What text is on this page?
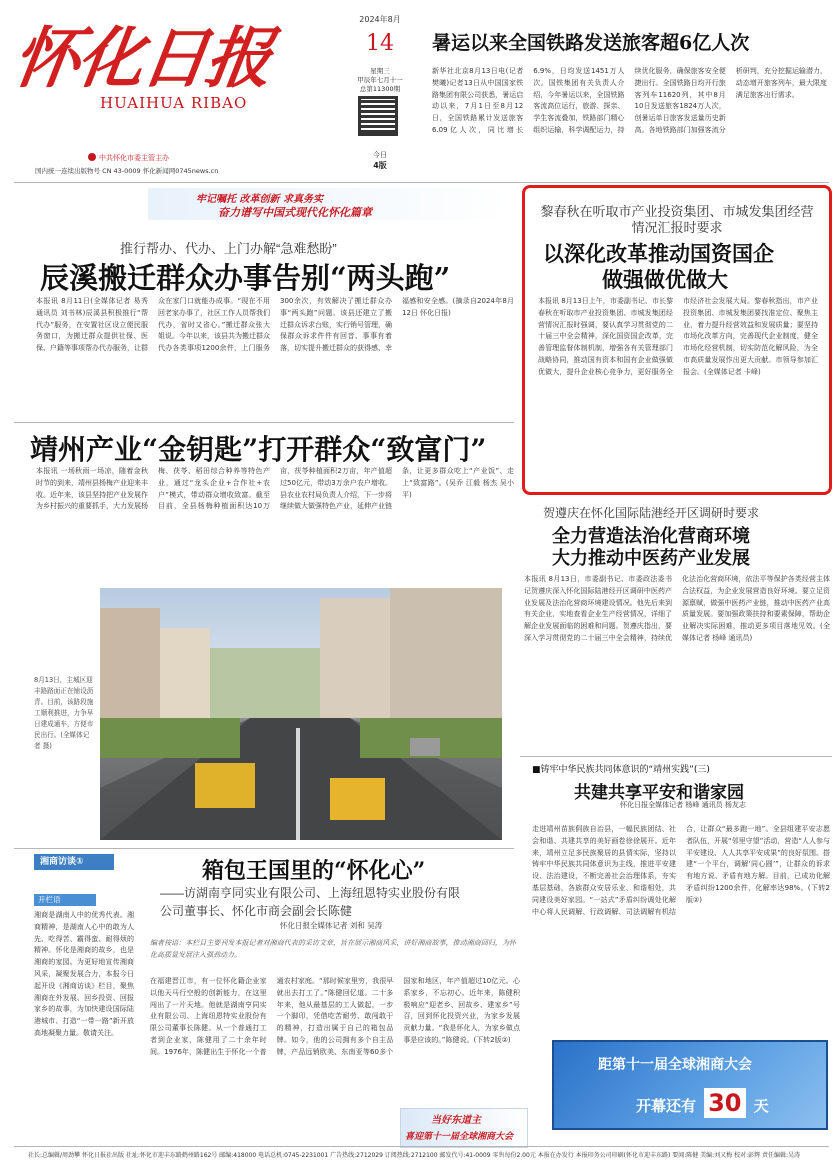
怀化日报
HUAIHUA RIBAO
中共怀化市委主管主办
国内统一连续出版物号 CN 43-0009 怀化新闻网0745news.cn
2024年8月
14
星期三
甲辰年七月十一
总第11300期
今日
4版
暑运以来全国铁路发送旅客超6亿人次
新华社北京8月13日电(记者 樊曦)记者13日从中国国家铁路集团有限公司获悉，暑运启动以来，7月1日至8月12日，全国铁路累计发送旅客6.09亿人次，同比增长6.9%，日均发送1451万人次。国铁集团有关负责人介绍，今年暑运以来，全国铁路客流高位运行，旅游、探亲、学生客流叠加，铁路部门精心组织运输，科学调配运力，持续优化服务，确保旅客安全便捷出行。全国铁路日均开行旅客列车11620列，其中8月10日发送旅客1824万人次，创暑运单日旅客发送量历史新高。各地铁路部门加强客流分析研判，充分挖掘运输潜力，动态增开旅客列车，最大限度满足旅客出行需求。
牢记嘱托 改革创新 求真务实
奋力谱写中国式现代化怀化篇章
推行帮办、代办、上门办解“急难愁盼”
辰溪搬迁群众办事告别“两头跑”
本报讯 8月11日(全媒体记者 易秀 通讯员 刘书林)辰溪县积极推行“帮代办”服务，在安置社区设立便民服务窗口，为搬迁群众提供社保、医保、户籍等事项帮办代办服务，让群众在家门口就能办成事。“现在不用回老家办事了，社区工作人员帮我们代办，省时又省心。”搬迁群众张大姐说。今年以来，该县共为搬迁群众代办各类事项1200余件，上门服务300余次，有效解决了搬迁群众办事“两头跑”问题。该县还建立了搬迁群众诉求台账，实行销号管理，确保群众诉求件件有回音、事事有着落，切实提升搬迁群众的获得感、幸福感和安全感。(摘录自2024年8月12日 怀化日报)
靖州产业“金钥匙”打开群众“致富门”
本报讯 一场秋雨一场凉，随着金秋时节的到来，靖州县杨梅产业迎来丰收。近年来，该县坚持把产业发展作为乡村振兴的重要抓手，大力发展杨梅、茯苓、稻田综合种养等特色产业，通过“龙头企业+合作社+农户”模式，带动群众增收致富。截至目前，全县杨梅种植面积达10万亩，茯苓种植面积2万亩，年产值超过50亿元，带动3万余户农户增收。县农业农村局负责人介绍，下一步将继续做大做强特色产业，延伸产业链条，让更多群众吃上“产业饭”、走上“致富路”。(吴乔 江毅 杨杰 吴小平)
8月13日，主城区迎丰路路面正在铺设沥青。目前，该路段施工顺利推进，力争早日建成通车，方便市民出行。(全媒体记者 摄)
黎春秋在听取市产业投资集团、市城发集团经营情况汇报时要求
以深化改革推动国资国企
做强做优做大
本报讯 8月13日上午，市委副书记、市长黎春秋在听取市产业投资集团、市城发集团经营情况汇报时强调，要认真学习贯彻党的二十届三中全会精神，深化国资国企改革，完善管理监督体制机制，增强各有关管理部门战略协同，推动国有资本和国有企业做强做优做大，提升企业核心竞争力，更好服务全市经济社会发展大局。黎春秋指出，市产业投资集团、市城发集团要找准定位、聚焦主业，着力提升经营效益和发展质量；要坚持市场化改革方向，完善现代企业制度，健全市场化经营机制，切实防范化解风险，为全市高质量发展作出更大贡献。市领导参加汇报会。(全媒体记者 卡峰)
贺遵庆在怀化国际陆港经开区调研时要求
全力营造法治化营商环境
大力推动中医药产业发展
本报讯 8月13日，市委副书记、市委政法委书记贺遵庆深入怀化国际陆港经开区调研中医药产业发展及法治化营商环境建设情况。他先后来到有关企业，实地查看企业生产经营情况，详细了解企业发展面临的困难和问题。贺遵庆指出，要深入学习贯彻党的二十届三中全会精神，持续优化法治化营商环境，依法平等保护各类经营主体合法权益，为企业发展营造良好环境。要立足资源禀赋，做强中医药产业链，推动中医药产业高质量发展。要加强政策扶持和要素保障，帮助企业解决实际困难，推动更多项目落地见效。(全媒体记者 杨峰 通讯员)
■铸牢中华民族共同体意识的“靖州实践”(三)
共建共享平安和谐家园
怀化日报全媒体记者 杨峰 通讯员 杨友志
走进靖州苗族侗族自治县，一幅民族团结、社会和谐、共建共享的美好画卷徐徐展开。近年来，靖州立足多民族聚居的县情实际，坚持以铸牢中华民族共同体意识为主线，推进平安建设、法治建设，不断完善社会治理体系，夯实基层基础，各族群众安居乐业、和谐相处，共同建设美好家园。“一站式”矛盾纠纷调处化解中心将人民调解、行政调解、司法调解有机结合，让群众“最多跑一地”。全县组建平安志愿者队伍，开展“邻里守望”活动，营造“人人参与平安建设、人人共享平安成果”的良好氛围。搭建“一个平台，调解‘同心圆’”，让群众的诉求有地方说、矛盾有地方解。目前，已成功化解矛盾纠纷1200余件，化解率达98%。(下转2版②)
湘商访谈①
开栏语
湘商是湖南人中的优秀代表。湘商精神，是湖南人心中的敢为人先、吃得苦、霸得蛮、耐得烦的精神。怀化是湘商的故乡，也是湘商的家园。为更好地宣传湘商风采，凝聚发展合力，本报今日起开设《湘商访谈》栏目，聚焦湘商在外发展、回乡投资、回报家乡的故事，为加快建设国际陆港城市、打造“一带一路”新开放高地凝聚力量。敬请关注。
箱包王国里的“怀化心”
——访湖南亨同实业有限公司、上海纽恩特实业股份有限
公司董事长、怀化市商会副会长陈健
怀化日报全媒体记者 刘和 吴涛
编者按语：本栏目主要刊发本报记者对湘商代表的采访文章，旨在展示湘商风采，讲好湘商故事，推动湘商回归，为怀化高质量发展注入强劲动力。
在福建晋江市，有一位怀化籍企业家以他天马行空般的创新能力，在这里闯出了一片天地。他就是湖南亨同实业有限公司、上海纽恩特实业股份有限公司董事长陈健。从一个普通打工者到企业家，陈健用了二十余年时间。1976年，陈健出生于怀化一个普通农村家庭。“那时候家里穷，我很早就出去打工了。”陈健回忆道。二十多年来，他从最基层的工人做起，一步一个脚印，凭借吃苦耐劳、敢闯敢干的精神，打造出属于自己的箱包品牌。如今，他的公司拥有多个自主品牌，产品远销欧美、东南亚等60多个国家和地区，年产值超过10亿元。心系家乡，不忘初心。近年来，陈健积极响应“迎老乡、回故乡、建家乡”号召，回到怀化投资兴业，为家乡发展贡献力量。“我是怀化人，为家乡做点事是应该的。”陈健说。(下转2版②)
当好东道主
喜迎第十一届全球湘商大会
距第十一届全球湘商大会
开幕还有 30 天
社长:总编辑/周劲攀 怀化日报社出版 社址:怀化市迎丰东路鹤州路162号 邮编:418000 电话总机:0745-2231001 广告热线:2712029 订阅热线:2712100 邮发代号:41-0009 零售每份2.00元 本报在办发行 本报印务公司印刷(怀化市迎丰东路) 要闻:陈健 美编:刘又梅 校对:彭辉 责任编辑:吴涛
